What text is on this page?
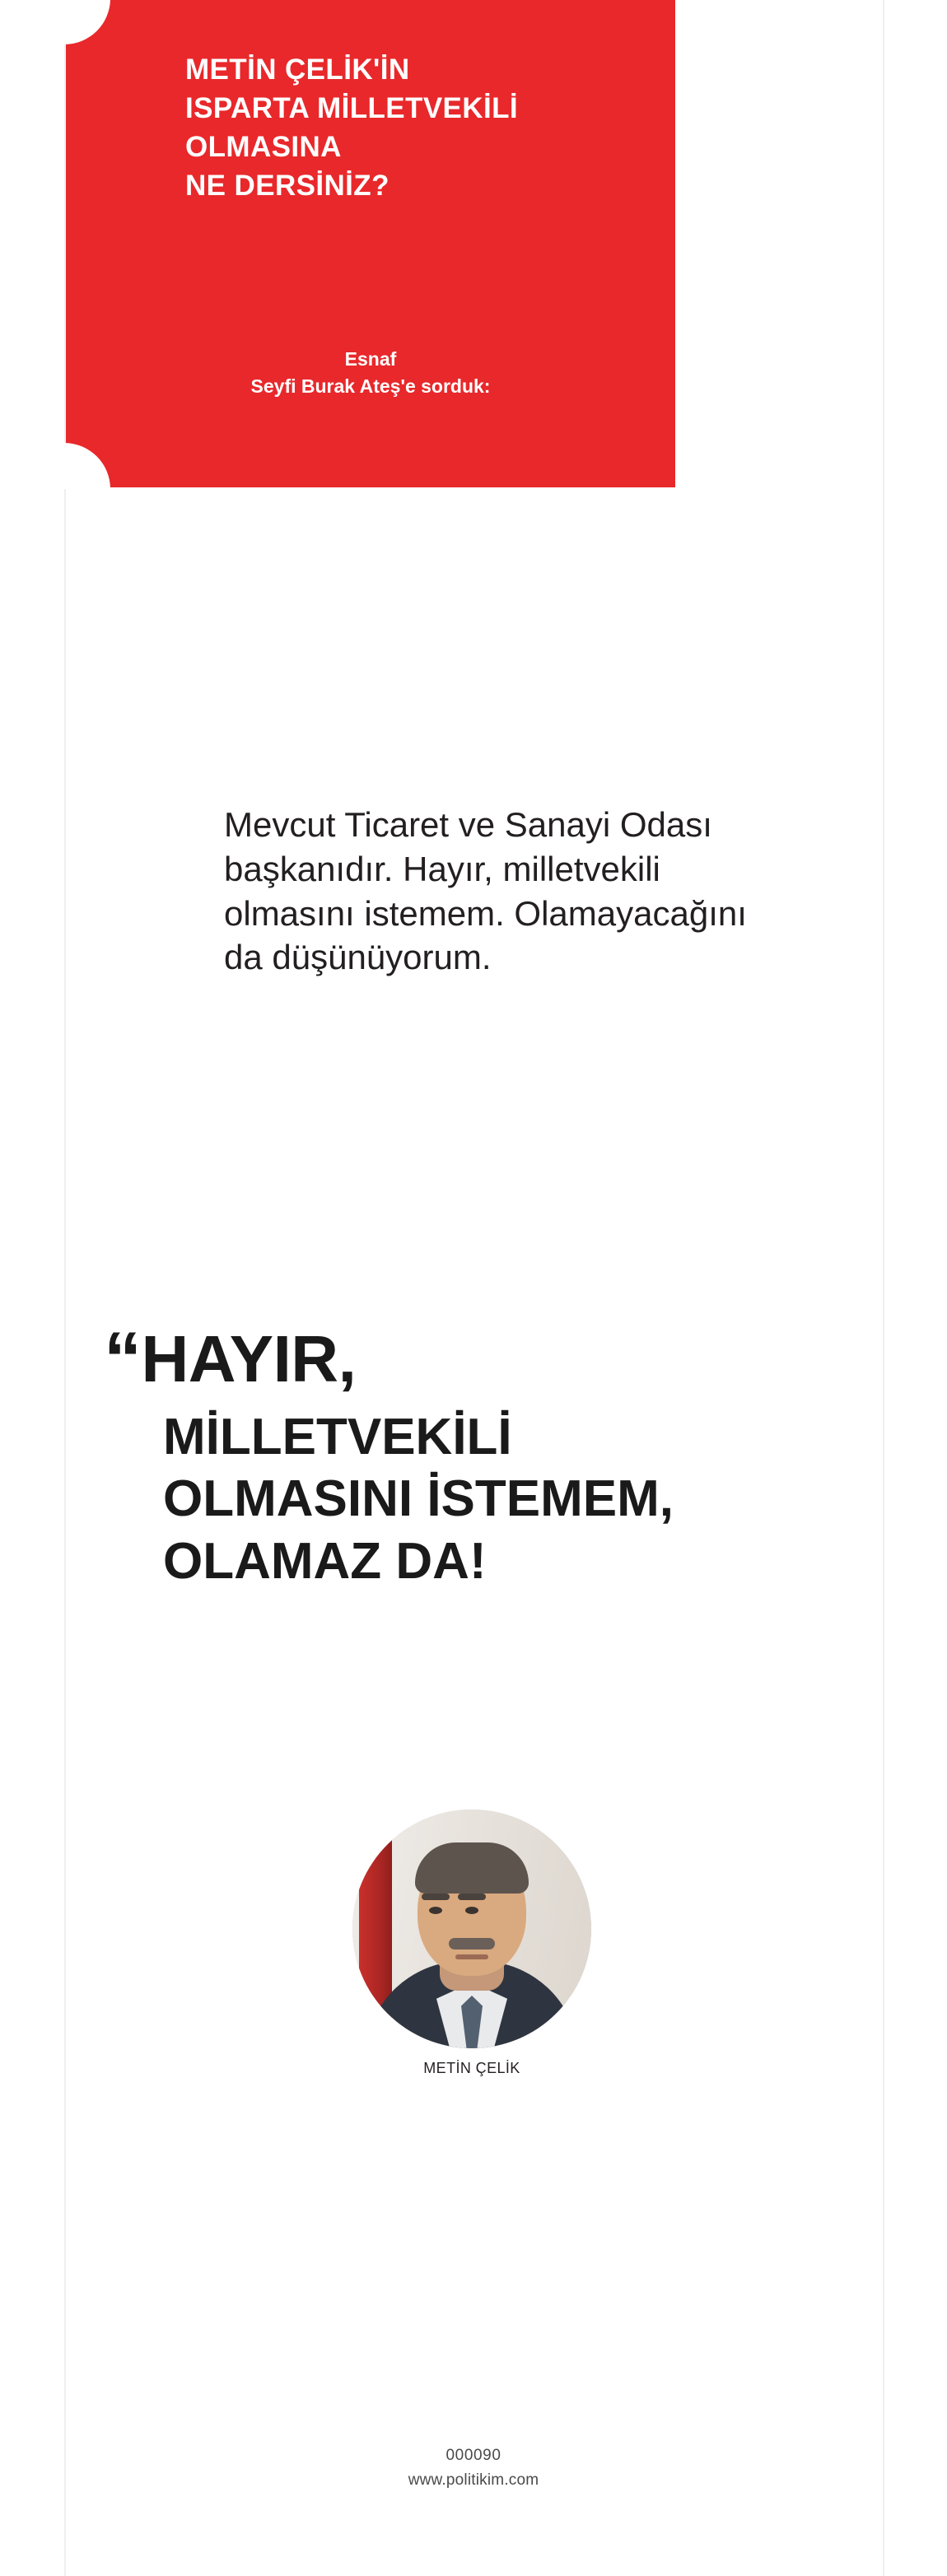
METİN ÇELİK'İN
ISPARTA MİLLETVEKİLİ
OLMASINA
NE DERSİNİZ?
Esnaf
Seyfi Burak Ateş'e sorduk:
Mevcut Ticaret ve Sanayi Odası başkanıdır. Hayır, milletvekili olmasını istemem. Olamayacağını da düşünüyorum.
“HAYIR,
MİLLETVEKİLİ
OLMASINI İSTEMEM,
OLAMAZ DA!
METİN ÇELİK
000090
www.politikim.com
